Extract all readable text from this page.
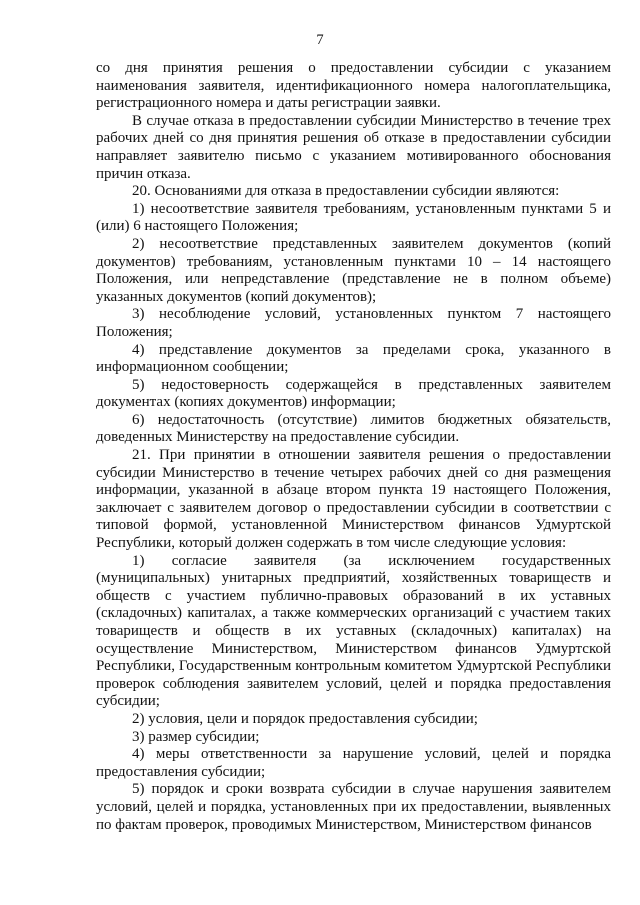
7

со дня принятия решения о предоставлении субсидии с указанием наименования заявителя, идентификационного номера налогоплательщика, регистрационного номера и даты регистрации заявки.

В случае отказа в предоставлении субсидии Министерство в течение трех рабочих дней со дня принятия решения об отказе в предоставлении субсидии направляет заявителю письмо с указанием мотивированного обоснования причин отказа.

20. Основаниями для отказа в предоставлении субсидии являются:

1) несоответствие заявителя требованиям, установленным пунктами 5 и (или) 6 настоящего Положения;

2) несоответствие представленных заявителем документов (копий документов) требованиям, установленным пунктами 10 – 14 настоящего Положения, или непредставление (представление не в полном объеме) указанных документов (копий документов);

3) несоблюдение условий, установленных пунктом 7 настоящего Положения;

4) представление документов за пределами срока, указанного в информационном сообщении;

5) недостоверность содержащейся в представленных заявителем документах (копиях документов) информации;

6) недостаточность (отсутствие) лимитов бюджетных обязательств, доведенных Министерству на предоставление субсидии.

21. При принятии в отношении заявителя решения о предоставлении субсидии Министерство в течение четырех рабочих дней со дня размещения информации, указанной в абзаце втором пункта 19 настоящего Положения, заключает с заявителем договор о предоставлении субсидии в соответствии с типовой формой, установленной Министерством финансов Удмуртской Республики, который должен содержать в том числе следующие условия:

1) согласие заявителя (за исключением государственных (муниципальных) унитарных предприятий, хозяйственных товариществ и обществ с участием публично-правовых образований в их уставных (складочных) капиталах, а также коммерческих организаций с участием таких товариществ и обществ в их уставных (складочных) капиталах) на осуществление Министерством, Министерством финансов Удмуртской Республики, Государственным контрольным комитетом Удмуртской Республики проверок соблюдения заявителем условий, целей и порядка предоставления субсидии;

2) условия, цели и порядок предоставления субсидии;

3) размер субсидии;

4) меры ответственности за нарушение условий, целей и порядка предоставления субсидии;

5) порядок и сроки возврата субсидии в случае нарушения заявителем условий, целей и порядка, установленных при их предоставлении, выявленных по фактам проверок, проводимых Министерством, Министерством финансов
